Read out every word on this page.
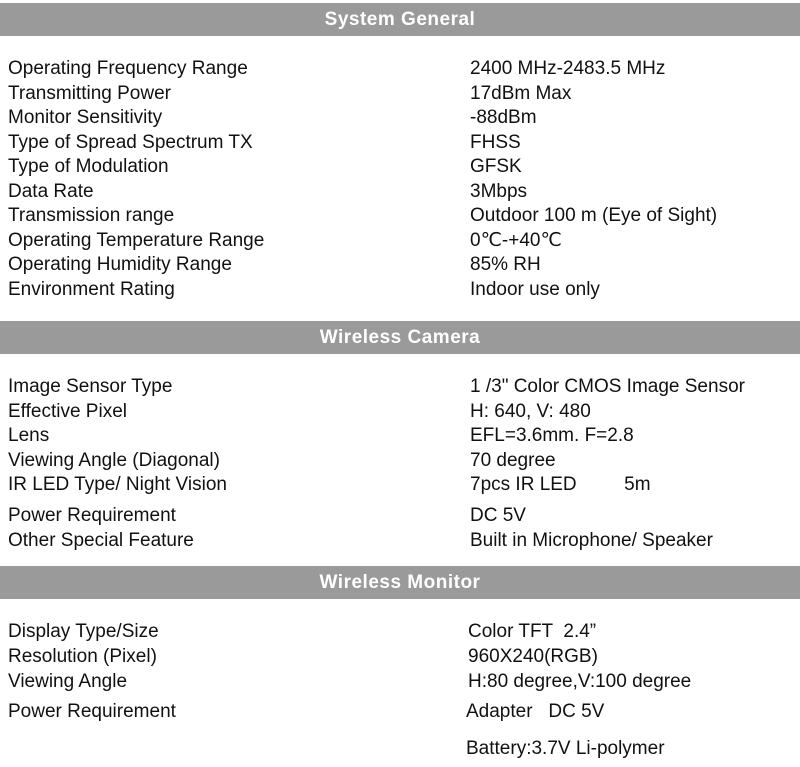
System General
Operating Frequency Range	2400 MHz-2483.5 MHz
Transmitting Power	17dBm Max
Monitor Sensitivity	-88dBm
Type of Spread Spectrum TX	FHSS
Type of Modulation	GFSK
Data Rate	3Mbps
Transmission range	Outdoor 100 m (Eye of Sight)
Operating Temperature Range	0℃-+40℃
Operating Humidity Range	85% RH
Environment Rating	Indoor use only
Wireless Camera
Image Sensor Type	1 /3" Color CMOS Image Sensor
Effective Pixel	H: 640, V: 480
Lens	EFL=3.6mm. F=2.8
Viewing Angle (Diagonal)	70 degree
IR LED Type/ Night Vision	7pcs IR LED         5m
Power Requirement	DC 5V
Other Special Feature	Built in Microphone/ Speaker
Wireless Monitor
Display Type/Size	Color TFT  2.4”
Resolution (Pixel)	960X240(RGB)
Viewing Angle	H:80 degree,V:100 degree
Power Requirement	Adapter   DC 5V
Battery:3.7V Li-polymer
